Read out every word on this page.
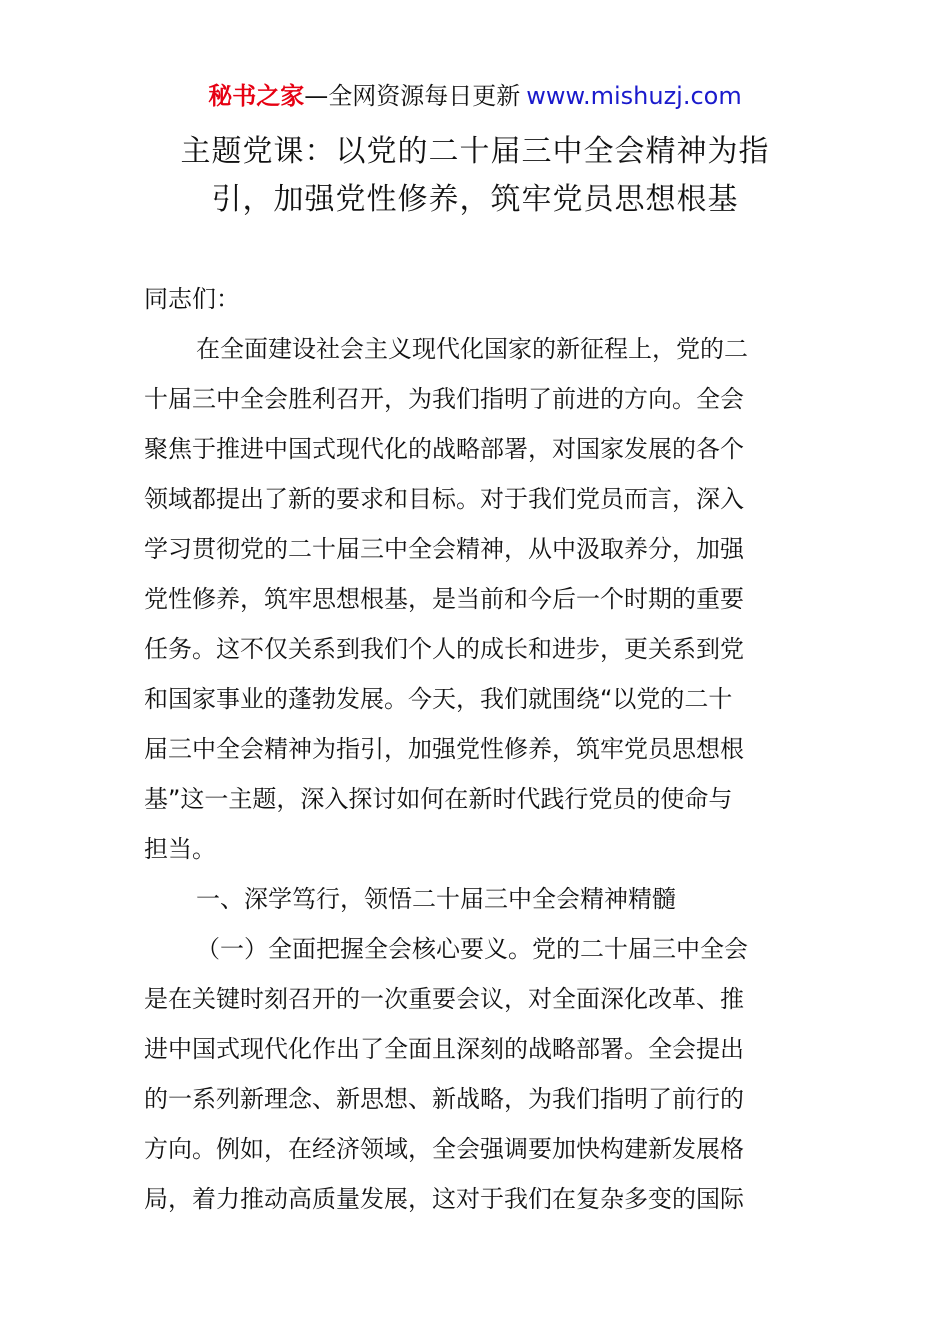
秘书之家—全网资源每日更新 www.mishuzj.com
主题党课：以党的二十届三中全会精神为指
引，加强党性修养，筑牢党员思想根基
同志们：
在全面建设社会主义现代化国家的新征程上，党的二
十届三中全会胜利召开，为我们指明了前进的方向。全会
聚焦于推进中国式现代化的战略部署，对国家发展的各个
领域都提出了新的要求和目标。对于我们党员而言，深入
学习贯彻党的二十届三中全会精神，从中汲取养分，加强
党性修养，筑牢思想根基，是当前和今后一个时期的重要
任务。这不仅关系到我们个人的成长和进步，更关系到党
和国家事业的蓬勃发展。今天，我们就围绕“以党的二十
届三中全会精神为指引，加强党性修养，筑牢党员思想根
基”这一主题，深入探讨如何在新时代践行党员的使命与
担当。
一、深学笃行，领悟二十届三中全会精神精髓
（一）全面把握全会核心要义。党的二十届三中全会
是在关键时刻召开的一次重要会议，对全面深化改革、推
进中国式现代化作出了全面且深刻的战略部署。全会提出
的一系列新理念、新思想、新战略，为我们指明了前行的
方向。例如，在经济领域，全会强调要加快构建新发展格
局，着力推动高质量发展，这对于我们在复杂多变的国际
